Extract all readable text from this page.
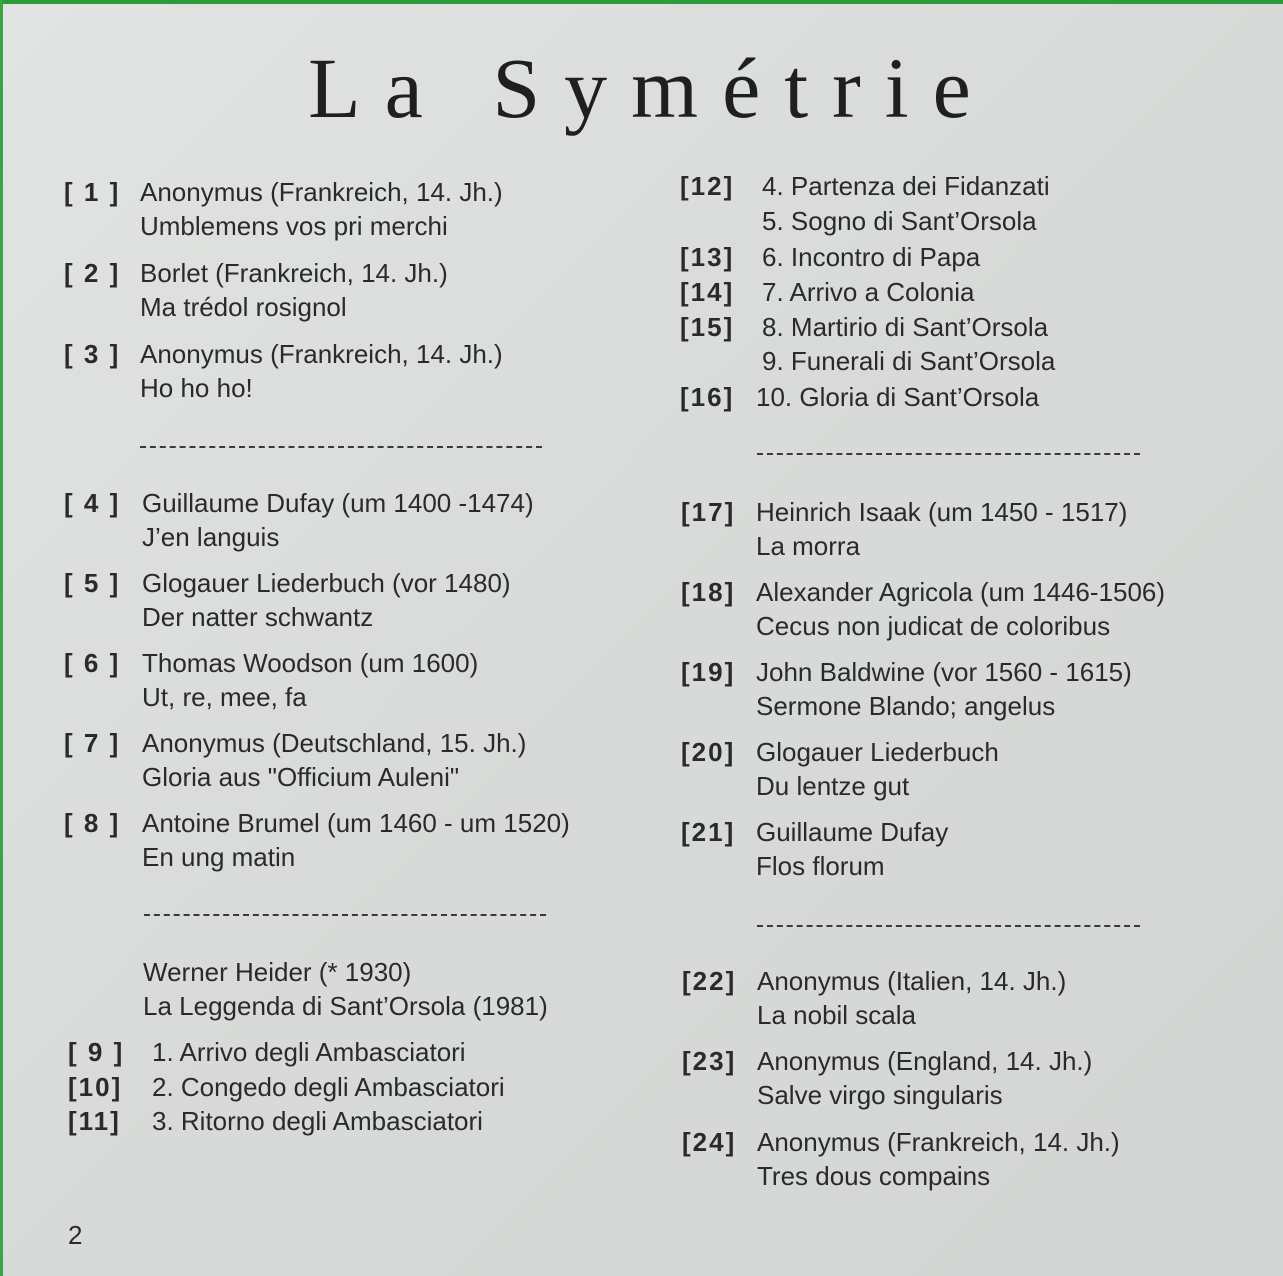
La Symétrie
[ 1 ] Anonymus (Frankreich, 14. Jh.)
Umblemens vos pri merchi
[ 2 ] Borlet (Frankreich, 14. Jh.)
Ma trédol rosignol
[ 3 ] Anonymus (Frankreich, 14. Jh.)
Ho ho ho!
[ 4 ] Guillaume Dufay (um 1400 -1474)
J’en languis
[ 5 ] Glogauer Liederbuch (vor 1480)
Der natter schwantz
[ 6 ] Thomas Woodson (um 1600)
Ut, re, mee, fa
[ 7 ] Anonymus (Deutschland, 15. Jh.)
Gloria aus "Officium Auleni"
[ 8 ] Antoine Brumel (um 1460 - um 1520)
En ung matin
Werner Heider (* 1930)
La Leggenda di Sant’Orsola (1981)
[ 9 ]	1. Arrivo degli Ambasciatori
[10]	2. Congedo degli Ambasciatori
[11]	3. Ritorno degli Ambasciatori
[12]	4. Partenza dei Fidanzati
5. Sogno di Sant’Orsola
[13]	6. Incontro di Papa
[14]	7. Arrivo a Colonia
[15]	8. Martirio di Sant’Orsola
9. Funerali di Sant’Orsola
[16] 10. Gloria di Sant’Orsola
[17] Heinrich Isaak (um 1450 - 1517)
La morra
[18] Alexander Agricola (um 1446-1506)
Cecus non judicat de coloribus
[19] John Baldwine (vor 1560 - 1615)
Sermone Blando; angelus
[20] Glogauer Liederbuch
Du lentze gut
[21] Guillaume Dufay
Flos florum
[22] Anonymus (Italien, 14. Jh.)
La nobil scala
[23] Anonymus (England, 14. Jh.)
Salve virgo singularis
[24] Anonymus (Frankreich, 14. Jh.)
Tres dous compains
2
